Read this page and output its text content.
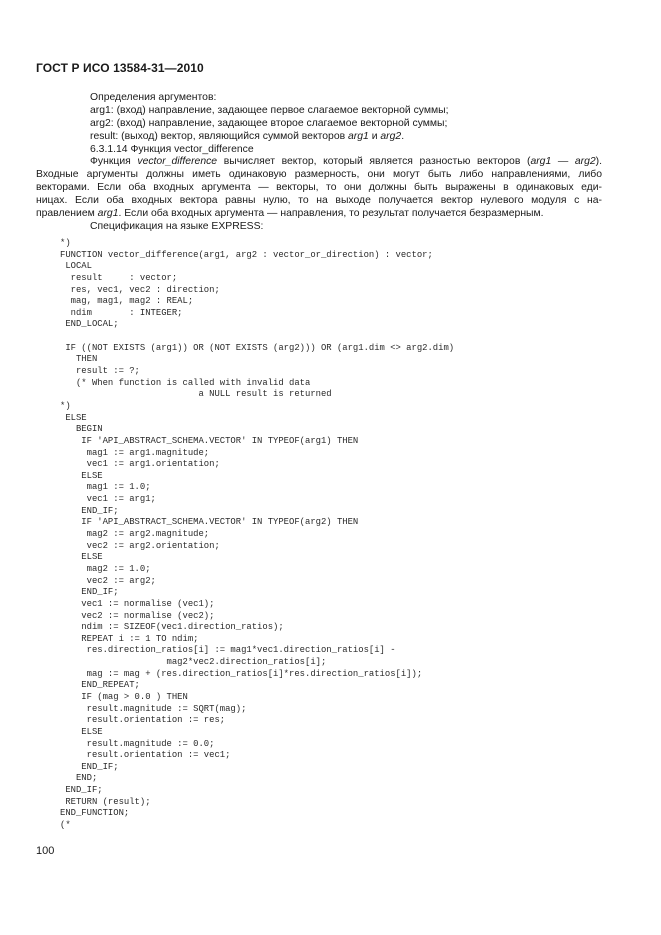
ГОСТ Р ИСО 13584-31—2010
Определения аргументов:
arg1: (вход) направление, задающее первое слагаемое векторной суммы;
arg2: (вход) направление, задающее второе слагаемое векторной суммы;
result: (выход) вектор, являющийся суммой векторов arg1 и arg2.
6.3.1.14 Функция vector_difference
Функция vector_difference вычисляет вектор, который является разностью векторов (arg1 — arg2).
Входные аргументы должны иметь одинаковую размерность, они могут быть либо направлениями, либо
векторами. Если оба входных аргумента — векторы, то они должны быть выражены в одинаковых еди-
ницах. Если оба входных вектора равны нулю, то на выходе получается вектор нулевого модуля с на-
правлением arg1. Если оба входных аргумента — направления, то результат получается безразмерным.
Спецификация на языке EXPRESS:
*)
FUNCTION vector_difference(arg1, arg2 : vector_or_direction) : vector;
LOCAL
result     : vector;
res, vec1, vec2 : direction;
mag, mag1, mag2 : REAL;
ndim       : INTEGER;
END_LOCAL;
IF ((NOT EXISTS (arg1)) OR (NOT EXISTS (arg2))) OR (arg1.dim <> arg2.dim)
THEN
result := ?;
(* When function is called with invalid data
a NULL result is returned
*)
ELSE
BEGIN
IF 'API_ABSTRACT_SCHEMA.VECTOR' IN TYPEOF(arg1) THEN
mag1 := arg1.magnitude;
vec1 := arg1.orientation;
ELSE
mag1 := 1.0;
vec1 := arg1;
END_IF;
IF 'API_ABSTRACT_SCHEMA.VECTOR' IN TYPEOF(arg2) THEN
mag2 := arg2.magnitude;
vec2 := arg2.orientation;
ELSE
mag2 := 1.0;
vec2 := arg2;
END_IF;
vec1 := normalise (vec1);
vec2 := normalise (vec2);
ndim := SIZEOF(vec1.direction_ratios);
REPEAT i := 1 TO ndim;
res.direction_ratios[i] := mag1*vec1.direction_ratios[i] -
mag2*vec2.direction_ratios[i];
mag := mag + (res.direction_ratios[i]*res.direction_ratios[i]);
END_REPEAT;
IF (mag > 0.0 ) THEN
result.magnitude := SQRT(mag);
result.orientation := res;
ELSE
result.magnitude := 0.0;
result.orientation := vec1;
END_IF;
END;
END_IF;
RETURN (result);
END_FUNCTION;
(*
100
